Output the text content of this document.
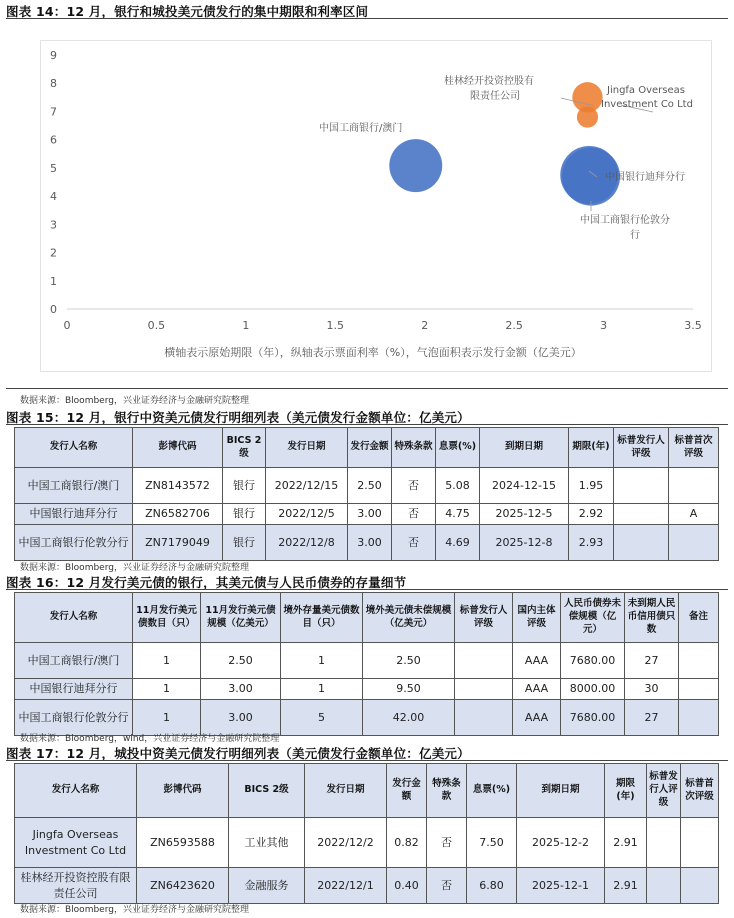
图表 14：12 月，银行和城投美元债发行的集中期限和利率区间
0
1
2
3
4
5
6
7
8
9
0	0.5	1	1.5	2	2.5	3	3.5
中国工商银行/澳门
桂林经开投资控股有
限责任公司
Jingfa Overseas
Investment Co Ltd
中国银行迪拜分行
中国工商银行伦敦分
行
横轴表示原始期限（年），纵轴表示票面利率（%），气泡面积表示发行金额（亿美元）
数据来源：Bloomberg，兴业证券经济与金融研究院整理
图表 15：12 月，银行中资美元债发行明细列表（美元债发行金额单位：亿美元）
发行人名称	彭博代码	BICS 2级	发行日期	发行金额	特殊条款	息票(%)	到期日期	期限(年)	标普发行人评级	标普首次评级
中国工商银行/澳门	ZN8143572	银行	2022/12/15	2.50	否	5.08	2024-12-15	1.95		
中国银行迪拜分行	ZN6582706	银行	2022/12/5	3.00	否	4.75	2025-12-5	2.92		A
中国工商银行伦敦分行	ZN7179049	银行	2022/12/8	3.00	否	4.69	2025-12-8	2.93		
数据来源：Bloomberg，兴业证券经济与金融研究院整理
图表 16：12 月发行美元债的银行，其美元债与人民币债券的存量细节
发行人名称	11月发行美元债数目（只）	11月发行美元债规模（亿美元）	境外存量美元债数目（只）	境外美元债未偿规模（亿美元）	标普发行人评级	国内主体评级	人民币债券未偿规模（亿元）	未到期人民币信用债只数	备注
中国工商银行/澳门	1	2.50	1	2.50		AAA	7680.00	27	
中国银行迪拜分行	1	3.00	1	9.50		AAA	8000.00	30	
中国工商银行伦敦分行	1	3.00	5	42.00		AAA	7680.00	27	
数据来源：Bloomberg，wind，兴业证券经济与金融研究院整理
图表 17：12 月，城投中资美元债发行明细列表（美元债发行金额单位：亿美元）
发行人名称	彭博代码	BICS 2级	发行日期	发行金额	特殊条款	息票(%)	到期日期	期限(年)	标普发行人评级	标普首次评级
Jingfa Overseas Investment Co Ltd	ZN6593588	工业其他	2022/12/2	0.82	否	7.50	2025-12-2	2.91		
桂林经开投资控股有限责任公司	ZN6423620	金融服务	2022/12/1	0.40	否	6.80	2025-12-1	2.91		
数据来源：Bloomberg，兴业证券经济与金融研究院整理
